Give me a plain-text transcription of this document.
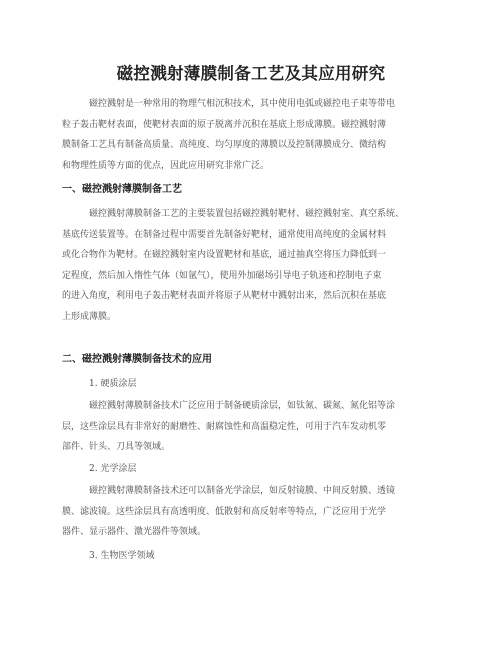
磁控溅射薄膜制备工艺及其应用研究
磁控溅射是一种常用的物理气相沉积技术，其中使用电弧或磁控电子束等带电
粒子轰击靶材表面，使靶材表面的原子脱离并沉积在基底上形成薄膜。磁控溅射薄
膜制备工艺具有制备高质量、高纯度、均匀厚度的薄膜以及控制薄膜成分、微结构
和物理性质等方面的优点，因此应用研究非常广泛。
一、磁控溅射薄膜制备工艺
磁控溅射薄膜制备工艺的主要装置包括磁控溅射靶材、磁控溅射室、真空系统、
基底传送装置等。在制备过程中需要首先制备好靶材，通常使用高纯度的金属材料
或化合物作为靶材。在磁控溅射室内设置靶材和基底，通过抽真空将压力降低到一
定程度，然后加入惰性气体（如氩气），使用外加磁场引导电子轨迹和控制电子束
的进入角度，利用电子轰击靶材表面并将原子从靶材中溅射出来，然后沉积在基底
上形成薄膜。
二、磁控溅射薄膜制备技术的应用
1. 硬质涂层
磁控溅射薄膜制备技术广泛应用于制备硬质涂层，如钛氮、碳氮、氮化铝等涂
层，这些涂层具有非常好的耐磨性、耐腐蚀性和高温稳定性，可用于汽车发动机零
部件、针头、刀具等领域。
2. 光学涂层
磁控溅射薄膜制备技术还可以制备光学涂层，如反射镜膜、中间反射膜、透镜
膜、滤波镜。这些涂层具有高透明度、低散射和高反射率等特点，广泛应用于光学
器件、显示器件、激光器件等领域。
3. 生物医学领域
